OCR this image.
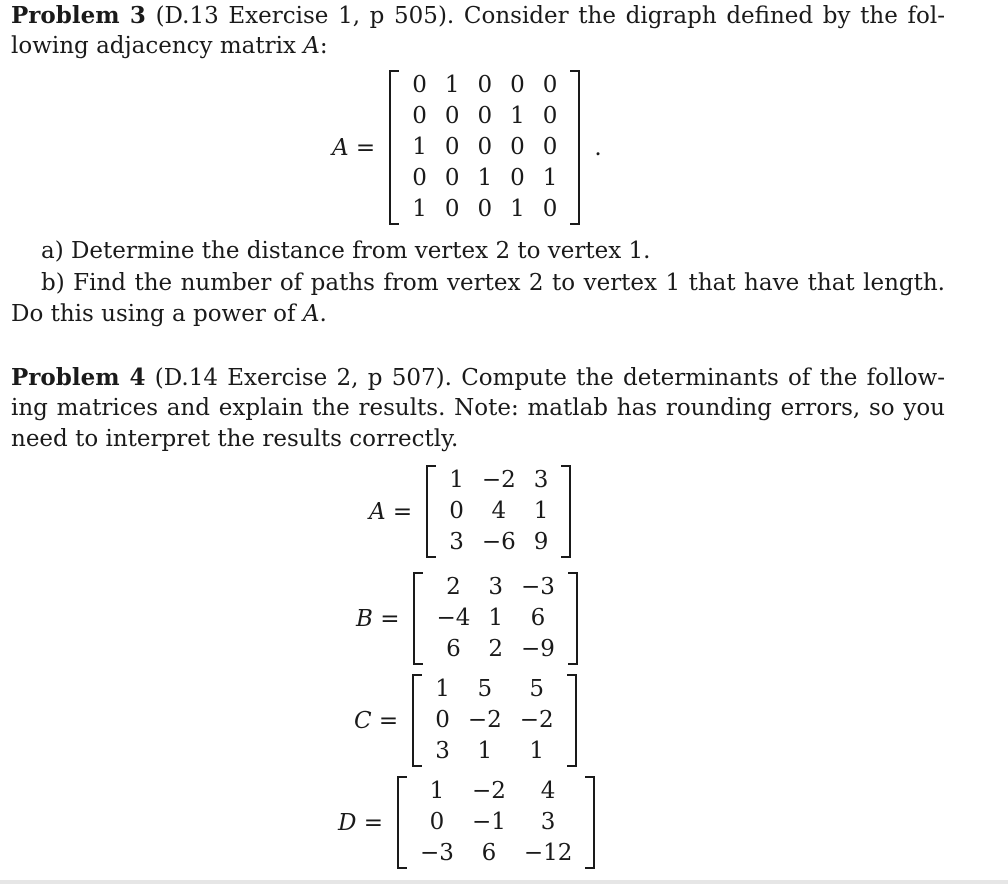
Problem 3 (D.13 Exercise 1, p 505). Consider the digraph defined by the fol-
lowing adjacency matrix A:
A =
0	1	0	0	0
0	0	0	1	0
1	0	0	0	0
0	0	1	0	1
1	0	0	1	0
.
a) Determine the distance from vertex 2 to vertex 1.
b) Find the number of paths from vertex 2 to vertex 1 that have that length.
Do this using a power of A.
Problem 4 (D.14 Exercise 2, p 507). Compute the determinants of the follow-
ing matrices and explain the results. Note: matlab has rounding errors, so you
need to interpret the results correctly.
A =
1	−2	3
0	4	1
3	−6	9
B =
2	3	−3
−4	1	6
6	2	−9
C =
1	5	5
0	−2	−2
3	1	1
D =
1	−2	4
0	−1	3
−3	6	−12
